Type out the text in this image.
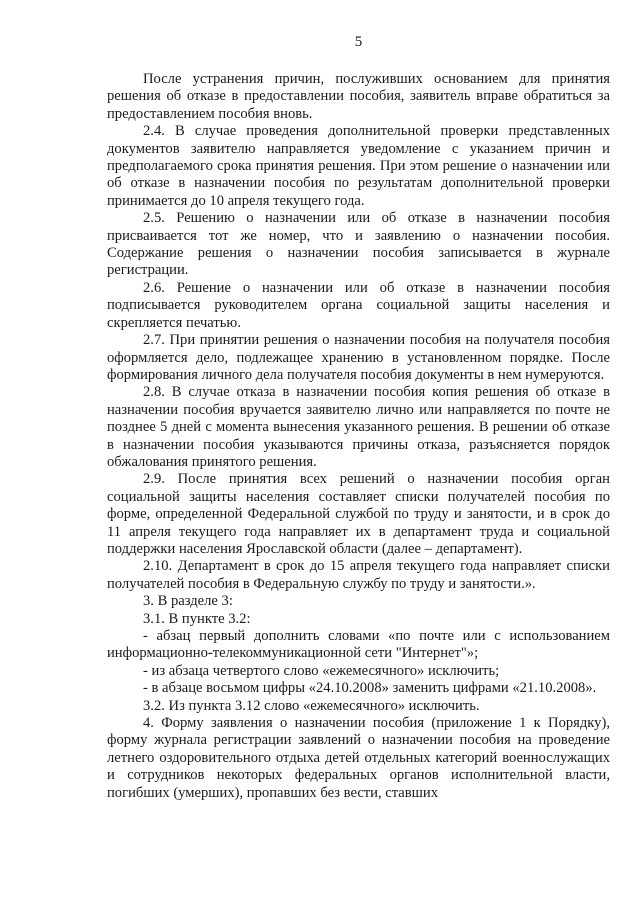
5

После устранения причин, послуживших основанием для принятия решения об отказе в предоставлении пособия, заявитель вправе обратиться за предоставлением пособия вновь.

2.4. В случае проведения дополнительной проверки представленных документов заявителю направляется уведомление с указанием причин и предполагаемого срока принятия решения. При этом решение о назначении или об отказе в назначении пособия по результатам дополнительной проверки принимается до 10 апреля текущего года.

2.5. Решению о назначении или об отказе в назначении пособия присваивается тот же номер, что и заявлению о назначении пособия. Содержание решения о назначении пособия записывается в журнале регистрации.

2.6. Решение о назначении или об отказе в назначении пособия подписывается руководителем органа социальной защиты населения и скрепляется печатью.

2.7. При принятии решения о назначении пособия на получателя пособия оформляется дело, подлежащее хранению в установленном порядке. После формирования личного дела получателя пособия документы в нем нумеруются.

2.8. В случае отказа в назначении пособия копия решения об отказе в назначении пособия вручается заявителю лично или направляется по почте не позднее 5 дней с момента вынесения указанного решения. В решении об отказе в назначении пособия указываются причины отказа, разъясняется порядок обжалования принятого решения.

2.9. После принятия всех решений о назначении пособия орган социальной защиты населения составляет списки получателей пособия по форме, определенной Федеральной службой по труду и занятости, и в срок до 11 апреля текущего года направляет их в департамент труда и социальной поддержки населения Ярославской области (далее – департамент).

2.10. Департамент в срок до 15 апреля текущего года направляет списки получателей пособия в Федеральную службу по труду и занятости.».

3. В разделе 3:

3.1. В пункте 3.2:

- абзац первый дополнить словами «по почте или с использованием информационно-телекоммуникационной сети "Интернет"»;

- из абзаца четвертого слово «ежемесячного» исключить;

- в абзаце восьмом цифры «24.10.2008» заменить цифрами «21.10.2008».

3.2. Из пункта 3.12 слово «ежемесячного» исключить.

4. Форму заявления о назначении пособия (приложение 1 к Порядку), форму журнала регистрации заявлений о назначении пособия на проведение летнего оздоровительного отдыха детей отдельных категорий военнослужащих и сотрудников некоторых федеральных органов исполнительной власти, погибших (умерших), пропавших без вести, ставших
